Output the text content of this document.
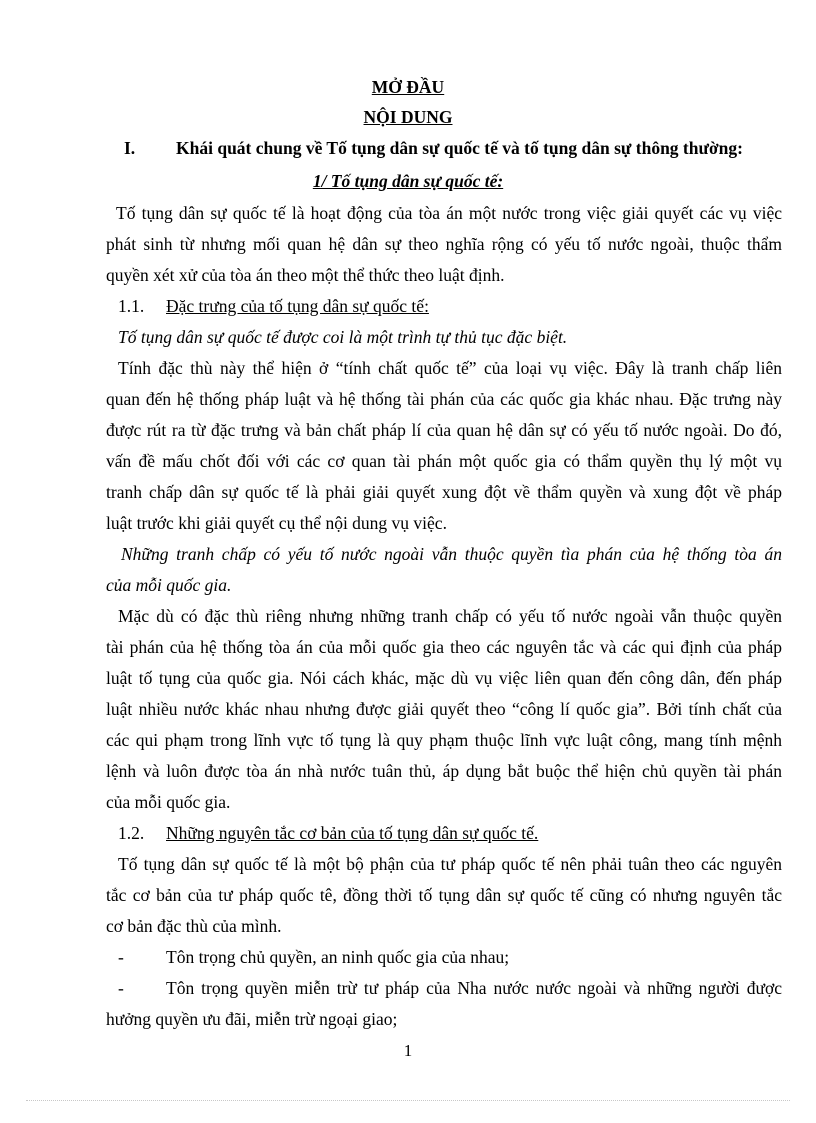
MỞ ĐẦU
NỘI DUNG
I. Khái quát chung về Tố tụng dân sự quốc tế và tố tụng dân sự thông thường:
1/ Tố tụng dân sự quốc tế:
Tố tụng dân sự quốc tế là hoạt động của tòa án một nước trong việc giải quyết các vụ việc
phát sinh từ nhưng mối quan hệ dân sự theo nghĩa rộng có yếu tố nước ngoài, thuộc thẩm
quyền xét xử của tòa án theo một thể thức theo luật định.
1.1. Đặc trưng của tố tụng dân sự quốc tế:
Tố tụng dân sự quốc tế được coi là một trình tự thủ tục đặc biệt.
Tính đặc thù này thể hiện ở “tính chất quốc tế” của loại vụ việc. Đây là tranh chấp liên
quan đến hệ thống pháp luật và hệ thống tài phán của các quốc gia khác nhau. Đặc trưng này
được rút ra từ đặc trưng và bản chất pháp lí của quan hệ dân sự có yếu tố nước ngoài. Do đó,
vấn đề mấu chốt đối với các cơ quan tài phán một quốc gia có thẩm quyền thụ lý một vụ
tranh chấp dân sự quốc tế là phải giải quyết xung đột về thẩm quyền và xung đột về pháp
luật trước khi giải quyết cụ thể nội dung vụ việc.
Những tranh chấp có yếu tố nước ngoài vẫn thuộc quyền tìa phán của hệ thống tòa án
của mỗi quốc gia.
Mặc dù có đặc thù riêng nhưng những tranh chấp có yếu tố nước ngoài vẫn thuộc quyền
tài phán của hệ thống tòa án của mỗi quốc gia theo các nguyên tắc và các qui định của pháp
luật tố tụng của quốc gia. Nói cách khác, mặc dù vụ việc liên quan đến công dân, đến pháp
luật nhiều nước khác nhau nhưng được giải quyết theo “công lí quốc gia”. Bởi tính chất của
các qui phạm trong lĩnh vực tố tụng là quy phạm thuộc lĩnh vực luật công, mang tính mệnh
lệnh và luôn được tòa án nhà nước tuân thủ, áp dụng bắt buộc thể hiện chủ quyền tài phán
của mỗi quốc gia.
1.2. Những nguyên tắc cơ bản của tố tụng dân sự quốc tế.
Tố tụng dân sự quốc tế là một bộ phận của tư pháp quốc tế nên phải tuân theo các nguyên
tắc cơ bản của tư pháp quốc tê, đồng thời tố tụng dân sự quốc tế cũng có nhưng nguyên tắc
cơ bản đặc thù của mình.
- Tôn trọng chủ quyền, an ninh quốc gia của nhau;
- Tôn trọng quyền miễn trừ tư pháp của Nha nước nước ngoài và những người được
hưởng quyền ưu đãi, miễn trừ ngoại giao;
1
